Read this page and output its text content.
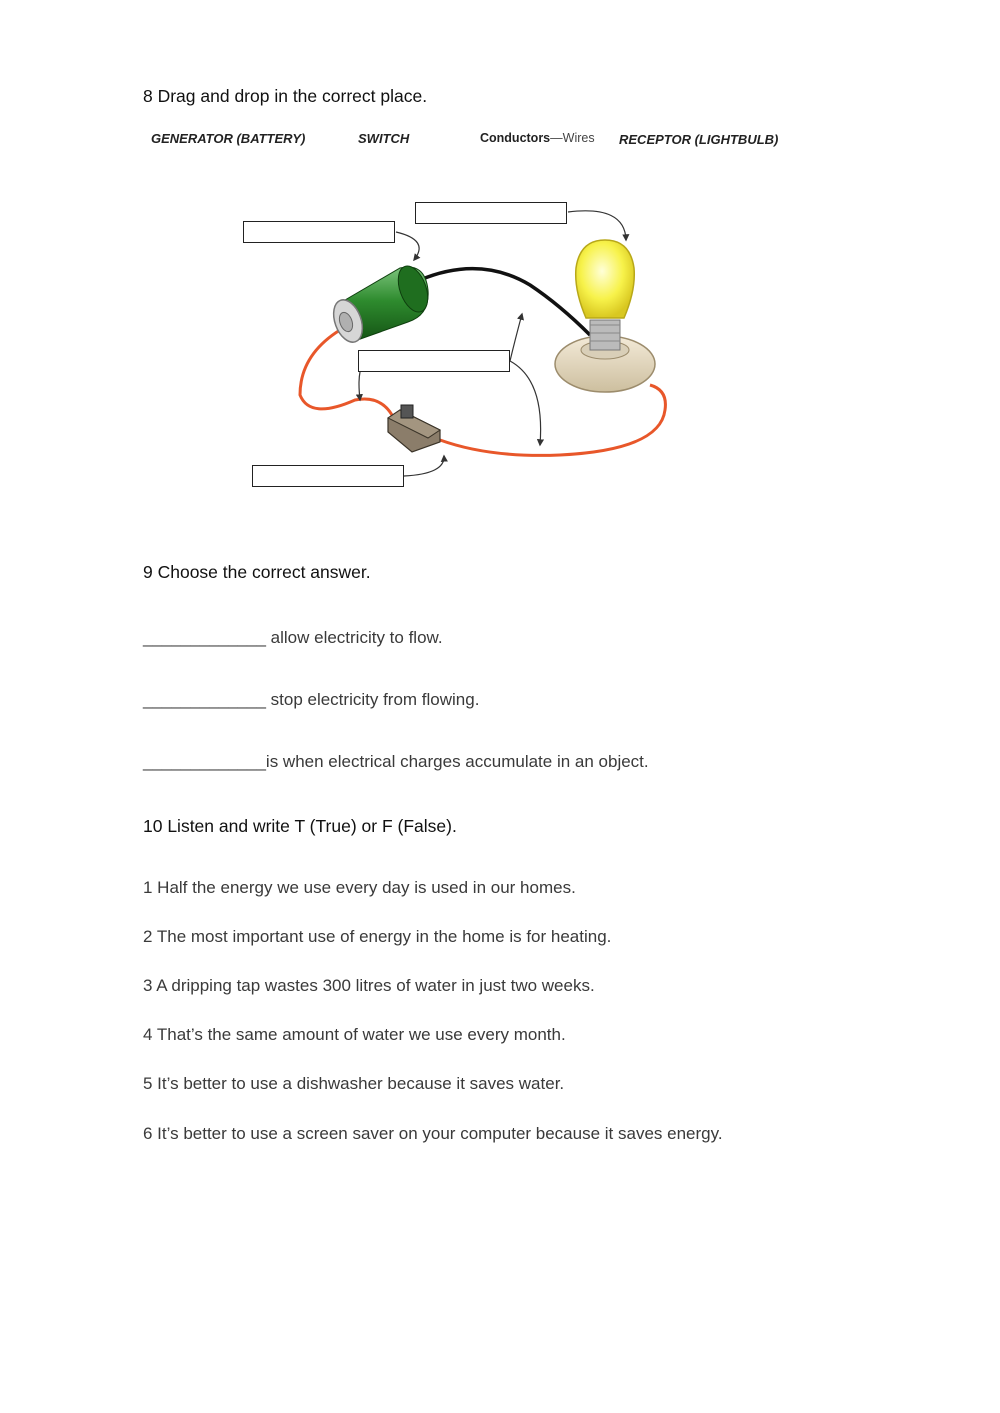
8 Drag and drop in the correct place.
GENERATOR (BATTERY)	SWITCH	Conductors—Wires RECEPTOR (LIGHTBULB)
9 Choose the correct answer.
_____________ allow electricity to flow.
_____________ stop electricity from flowing.
_____________is when electrical charges accumulate in an object.
10 Listen and write T (True) or F (False).
1 Half the energy we use every day is used in our homes.
2 The most important use of energy in the home is for heating.
3 A dripping tap wastes 300 litres of water in just two weeks.
4 That’s the same amount of water we use every month.
5 It’s better to use a dishwasher because it saves water.
6 It’s better to use a screen saver on your computer because it saves energy.
